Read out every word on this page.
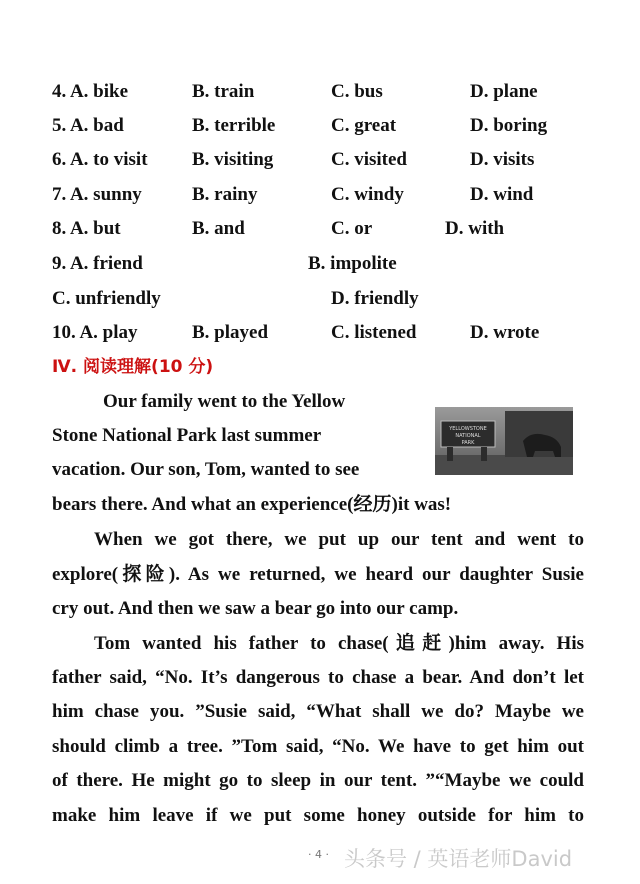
4. A. bike	B. train	C. bus	D. plane
5. A. bad	B. terrible	C. great	D. boring
6. A. to visit B. visiting	C. visited	D. visits
7. A. sunny	B. rainy	C. windy	D. wind
8. A. but	B. and	C. or	D. with
9. A. friend	B. impolite
C. unfriendly	D. friendly
10. A. play	B. played	C. listened	D. wrote
Ⅳ. 阅读理解(10 分)
Our family went to the Yellow
Stone National Park last summer
vacation. Our son, Tom, wanted to see
bears there. And what an experience(经历)it was!
YELLOWSTONE
NATIONAL
PARK
When we got there, we put up our tent and went to
explore(探险). As we returned, we heard our daughter Susie
cry out. And then we saw a bear go into our camp.
Tom wanted his father to chase(追赶)him away. His
father said, “No. It’s dangerous to chase a bear. And don’t let
him chase you. ”Susie said, “What shall we do? Maybe we
should climb a tree. ”Tom said, “No. We have to get him out
of there. He might go to sleep in our tent. ”“Maybe we could
make him leave if we put some honey outside for him to
· 4 · 头条号 / 英语老师David
